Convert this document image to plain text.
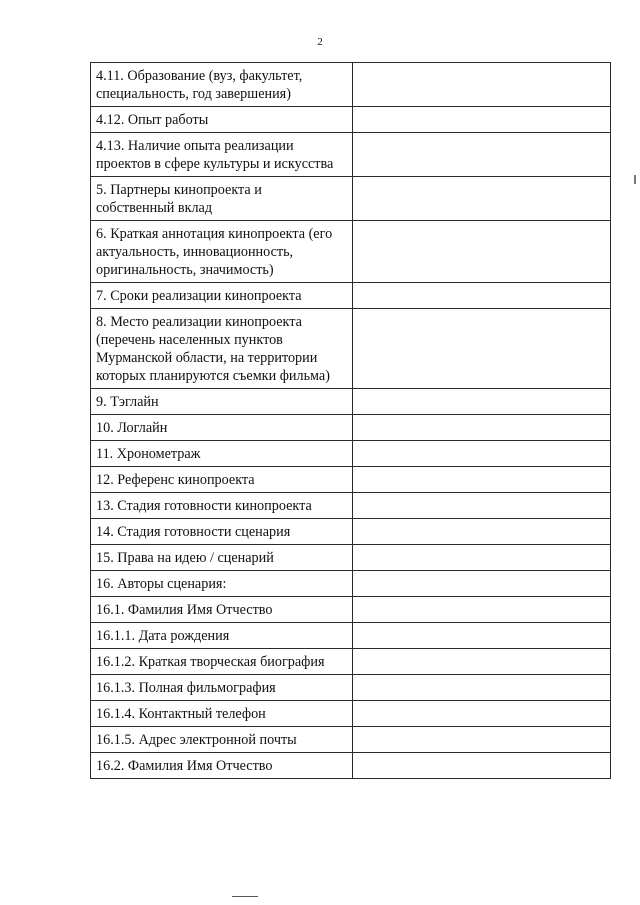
2
4.11. Образование (вуз, факультет,
специальность, год завершения)	

4.12. Опыт работы	

4.13. Наличие опыта реализации
проектов в сфере культуры и искусства	

5. Партнеры кинопроекта и
собственный вклад	

6. Краткая аннотация кинопроекта (его
актуальность, инновационность,
оригинальность, значимость)	

7. Сроки реализации кинопроекта	

8. Место реализации кинопроекта
(перечень населенных пунктов
Мурманской области, на территории
которых планируются съемки фильма)	

9. Тэглайн	

10. Логлайн	

11. Хронометраж	

12. Референс кинопроекта	

13. Стадия готовности кинопроекта	

14. Стадия готовности сценария	

15. Права на идею / сценарий	

16. Авторы сценария:	

16.1. Фамилия Имя Отчество	

16.1.1. Дата рождения	

16.1.2. Краткая творческая биография	

16.1.3. Полная фильмография	

16.1.4. Контактный телефон	

16.1.5. Адрес электронной почты	

16.2. Фамилия Имя Отчество	
